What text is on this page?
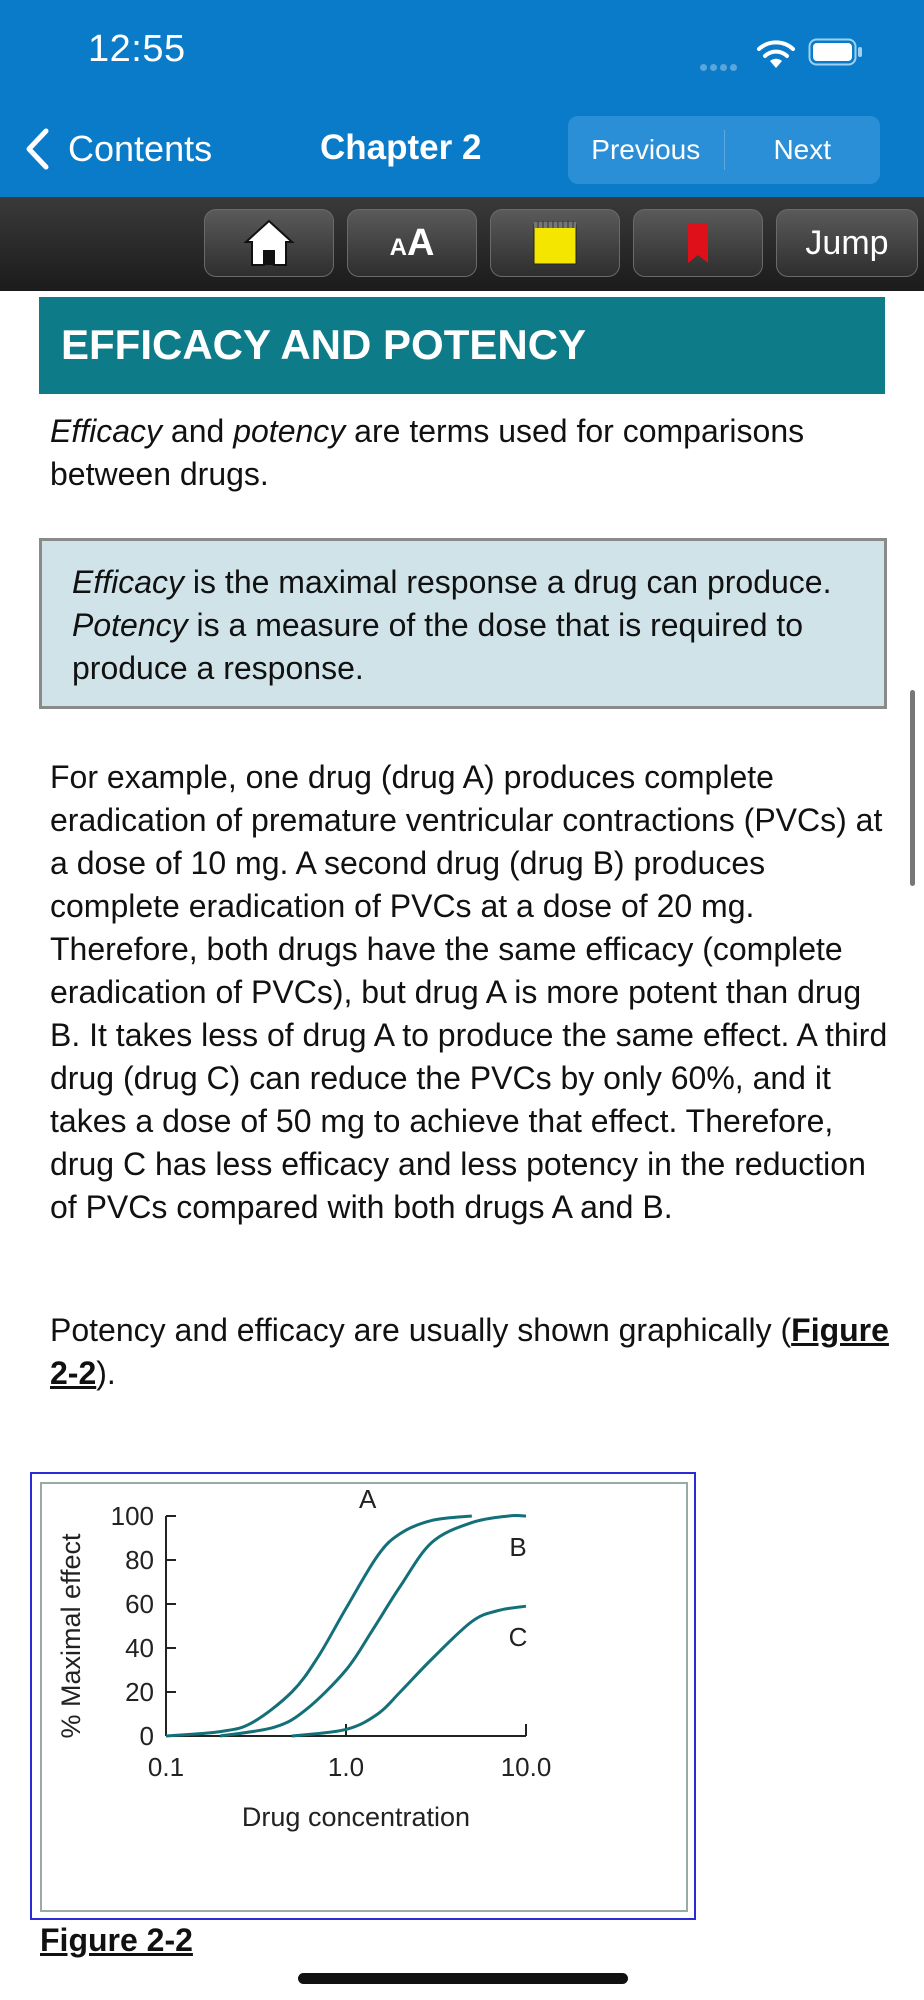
12:55
Contents	Chapter 2	Previous	Next
AA	Jump
EFFICACY AND POTENCY
Efficacy and potency are terms used for comparisons between drugs.
Efficacy is the maximal response a drug can produce. Potency is a measure of the dose that is required to produce a response.
For example, one drug (drug A) produces complete eradication of premature ventricular contractions (PVCs) at a dose of 10 mg. A second drug (drug B) produces complete eradication of PVCs at a dose of 20 mg. Therefore, both drugs have the same efficacy (complete eradication of PVCs), but drug A is more potent than drug B. It takes less of drug A to produce the same effect. A third drug (drug C) can reduce the PVCs by only 60%, and it takes a dose of 50 mg to achieve that effect. Therefore, drug C has less efficacy and less potency in the reduction of PVCs compared with both drugs A and B.
Potency and efficacy are usually shown graphically (Figure 2-2).
0
20
40
60
80
100
0.1	1.0	10.0
Drug concentration
% Maximal effect
A
B
C
Figure 2-2
